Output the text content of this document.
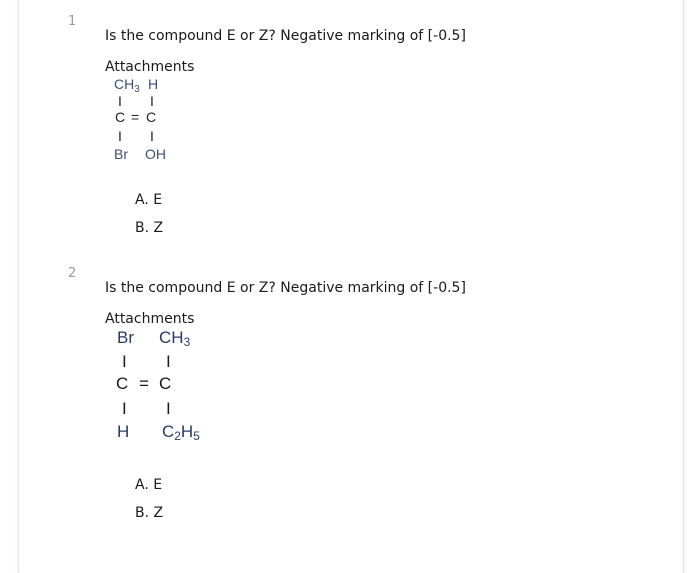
1
Is the compound E or Z? Negative marking of [-0.5]
Attachments
$CH_3$ H
I I
C = C
I I
Br OH
A. E
B. Z
2
Is the compound E or Z? Negative marking of [-0.5]
Attachments
Br $CH_3$
I I
C = C
I I
H $C_2H_5$
A. E
B. Z
